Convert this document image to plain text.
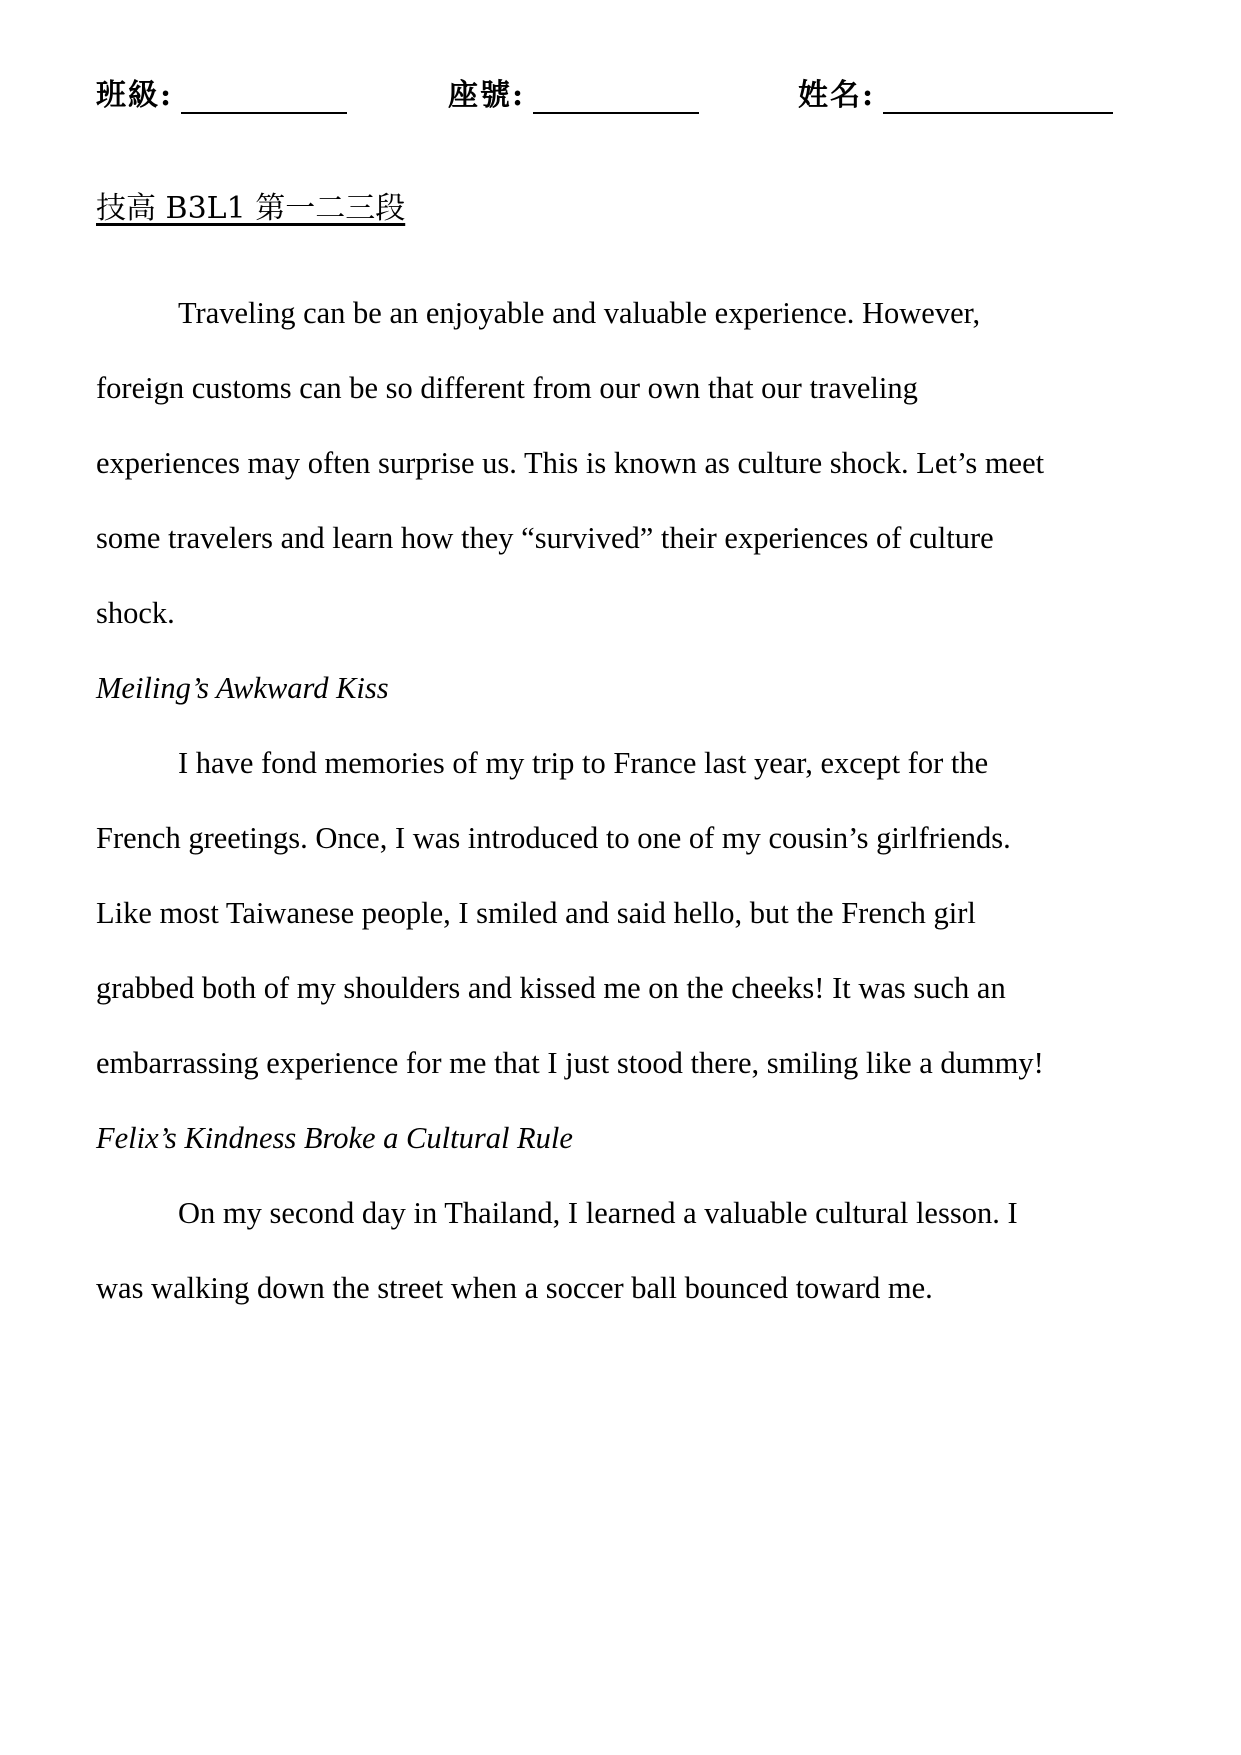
班級:	座號:	姓名:
技高 B3L1 第一二三段
Traveling can be an enjoyable and valuable experience. However,
foreign customs can be so different from our own that our traveling
experiences may often surprise us. This is known as culture shock. Let’s meet
some travelers and learn how they “survived” their experiences of culture
shock.
Meiling’s Awkward Kiss
I have fond memories of my trip to France last year, except for the
French greetings. Once, I was introduced to one of my cousin’s girlfriends.
Like most Taiwanese people, I smiled and said hello, but the French girl
grabbed both of my shoulders and kissed me on the cheeks! It was such an
embarrassing experience for me that I just stood there, smiling like a dummy!
Felix’s Kindness Broke a Cultural Rule
On my second day in Thailand, I learned a valuable cultural lesson. I
was walking down the street when a soccer ball bounced toward me.
